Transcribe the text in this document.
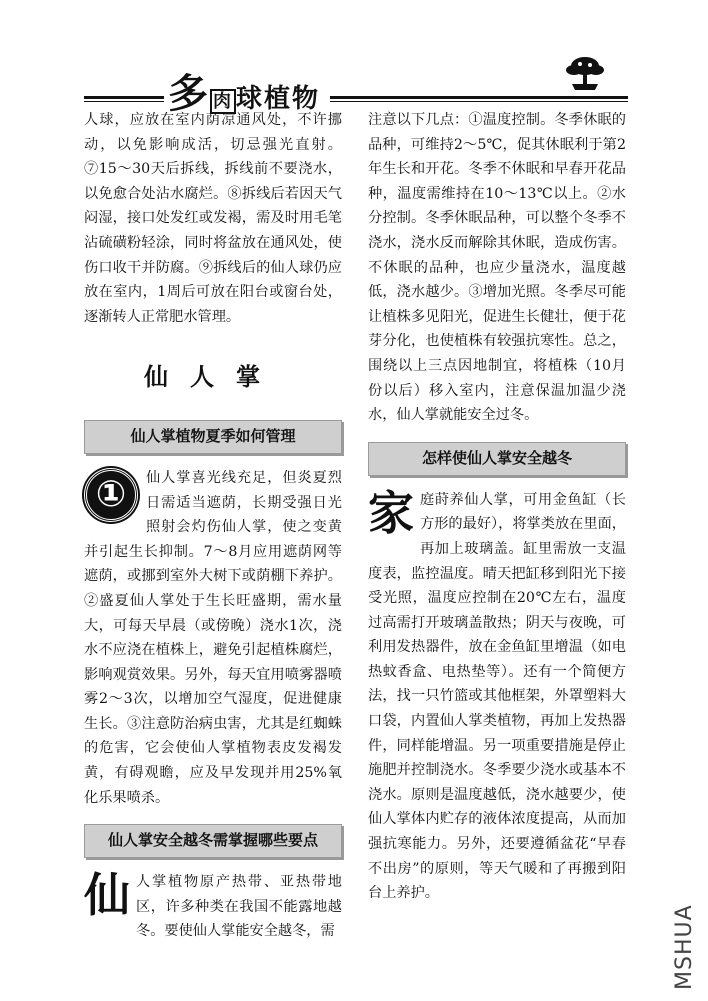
多肉 球植物

人球，应放在室内荫凉通风处，不许挪动，以免影响成活，切忌强光直射。⑦15～30天后拆线，拆线前不要浇水，以免愈合处沾水腐烂。⑧拆线后若因天气闷湿，接口处发红或发褐，需及时用毛笔沾硫磺粉轻涂，同时将盆放在通风处，使伤口收干并防腐。⑨拆线后的仙人球仍应放在室内，1周后可放在阳台或窗台处，逐渐转人正常肥水管理。

仙人掌
仙人掌植物夏季如何管理

①	仙人掌喜光线充足，但炎夏烈日需适当遮荫，长期受强日光照射会灼伤仙人掌，使之变黄并引起生长抑制。7～8月应用遮荫网等遮荫，或挪到室外大树下或荫棚下养护。②盛夏仙人掌处于生长旺盛期，需水量大，可每天早晨（或傍晚）浇水1次，浇水不应浇在植株上，避免引起植株腐烂，影响观赏效果。另外，每天宜用喷雾器喷雾2～3次，以增加空气湿度，促进健康生长。③注意防治病虫害，尤其是红蜘蛛的危害，它会使仙人掌植物表皮发褐发黄，有碍观瞻，应及早发现并用25%氧化乐果喷杀。

仙人掌安全越冬需掌握哪些要点

仙人掌植物原产热带、亚热带地区，许多种类在我国不能露地越冬。要使仙人掌能安全越冬，需

注意以下几点：①温度控制。冬季休眠的品种，可维持2～5℃，促其休眠利于第2年生长和开花。冬季不休眠和早春开花品种，温度需维持在10～13℃以上。②水分控制。冬季休眠品种，可以整个冬季不浇水，浇水反而解除其休眠，造成伤害。不休眠的品种，也应少量浇水，温度越低，浇水越少。③增加光照。冬季尽可能让植株多见阳光，促进生长健壮，便于花芽分化，也使植株有较强抗寒性。总之，围绕以上三点因地制宜，将植株（10月份以后）移入室内，注意保温加温少浇水，仙人掌就能安全过冬。

怎样使仙人掌安全越冬

家庭莳养仙人掌，可用金鱼缸（长方形的最好），将掌类放在里面，再加上玻璃盖。缸里需放一支温度表，监控温度。晴天把缸移到阳光下接受光照，温度应控制在20℃左右，温度过高需打开玻璃盖散热；阴天与夜晚，可利用发热器件，放在金鱼缸里增温（如电热蚊香盒、电热垫等）。还有一个简便方法，找一只竹篮或其他框架，外罩塑料大口袋，内置仙人掌类植物，再加上发热器件，同样能增温。另一项重要措施是停止施肥并控制浇水。冬季要少浇水或基本不浇水。原则是温度越低，浇水越要少，使仙人掌体内贮存的液体浓度提高，从而加强抗寒能力。另外，还要遵循盆花“早春不出房”的原则，等天气暖和了再搬到阳台上养护。

MSHUA
